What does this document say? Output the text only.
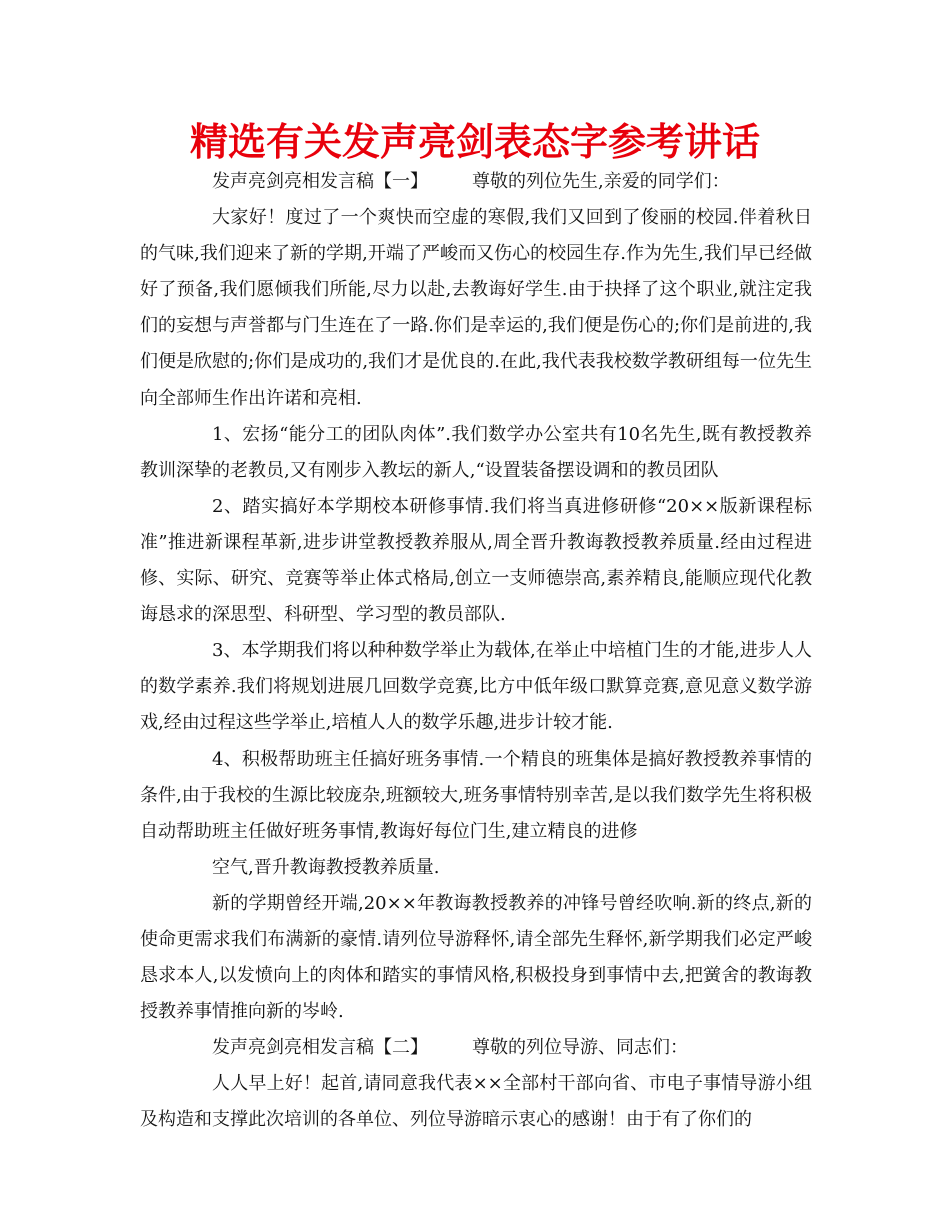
精选有关发声亮剑表态字参考讲话

发声亮剑亮相发言稿【一】 尊敬的列位先生,亲爱的同学们：

大家好！度过了一个爽快而空虚的寒假,我们又回到了俊丽的校园.伴着秋日的气味,我们迎来了新的学期,开端了严峻而又伤心的校园生存.作为先生,我们早已经做好了预备,我们愿倾我们所能,尽力以赴,去教诲好学生.由于抉择了这个职业,就注定我们的妄想与声誉都与门生连在了一路.你们是幸运的,我们便是伤心的;你们是前进的,我们便是欣慰的;你们是成功的,我们才是优良的.在此,我代表我校数学教研组每一位先生向全部师生作出许诺和亮相.

1、宏扬“能分工的团队肉体”.我们数学办公室共有10名先生,既有教授教养教训深挚的老教员,又有刚步入教坛的新人,“设置装备摆设调和的教员团队

2、踏实搞好本学期校本研修事情.我们将当真进修研修“20××版新课程标准”推进新课程革新,进步讲堂教授教养服从,周全晋升教诲教授教养质量.经由过程进修、实际、研究、竞赛等举止体式格局,创立一支师德崇高,素养精良,能顺应现代化教诲恳求的深思型、科研型、学习型的教员部队.

3、本学期我们将以种种数学举止为载体,在举止中培植门生的才能,进步人人的数学素养.我们将规划进展几回数学竞赛,比方中低年级口默算竞赛,意见意义数学游戏,经由过程这些学举止,培植人人的数学乐趣,进步计较才能.

4、积极帮助班主任搞好班务事情.一个精良的班集体是搞好教授教养事情的条件,由于我校的生源比较庞杂,班额较大,班务事情特别幸苦,是以我们数学先生将积极自动帮助班主任做好班务事情,教诲好每位门生,建立精良的进修

空气,晋升教诲教授教养质量.

新的学期曾经开端,20××年教诲教授教养的冲锋号曾经吹响.新的终点,新的使命更需求我们布满新的豪情.请列位导游释怀,请全部先生释怀,新学期我们必定严峻恳求本人,以发愤向上的肉体和踏实的事情风格,积极投身到事情中去,把黉舍的教诲教授教养事情推向新的岑岭.

发声亮剑亮相发言稿【二】 尊敬的列位导游、同志们：

人人早上好！起首,请同意我代表××全部村干部向省、市电子事情导游小组及构造和支撑此次培训的各单位、列位导游暗示衷心的感谢！由于有了你们的
